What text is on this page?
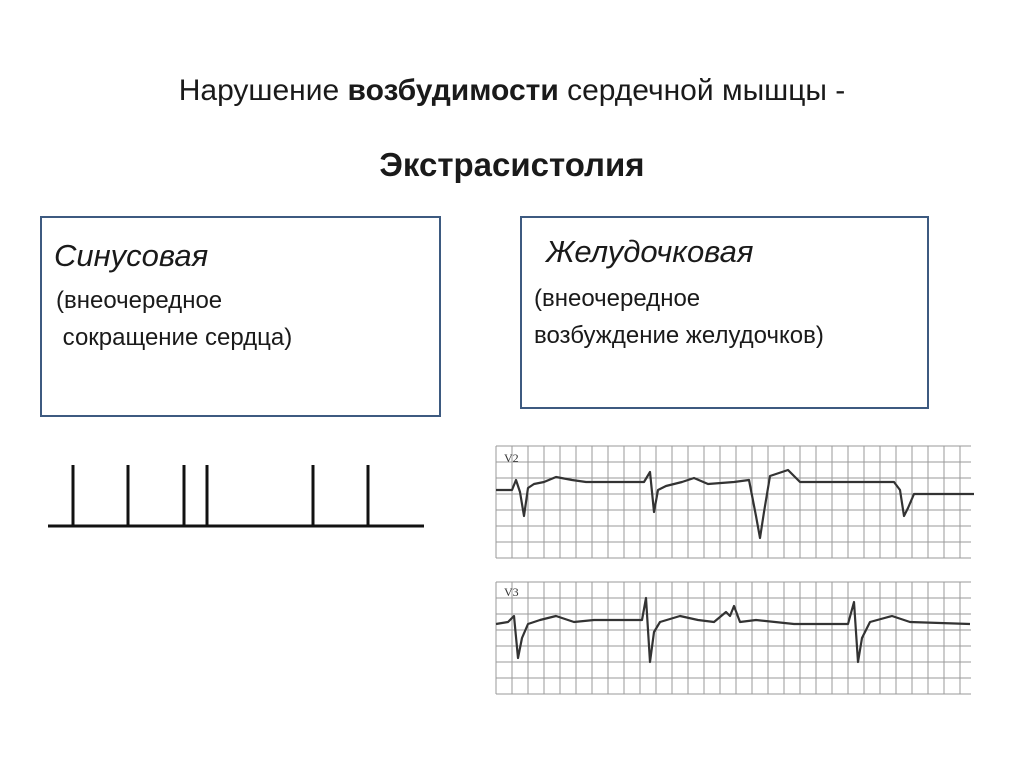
Нарушение возбудимости сердечной мышцы -
Экстрасистолия
Синусовая
(внеочередное
сокращение сердца)
Желудочковая
(внеочередное
возбуждение желудочков)
V2
V3
